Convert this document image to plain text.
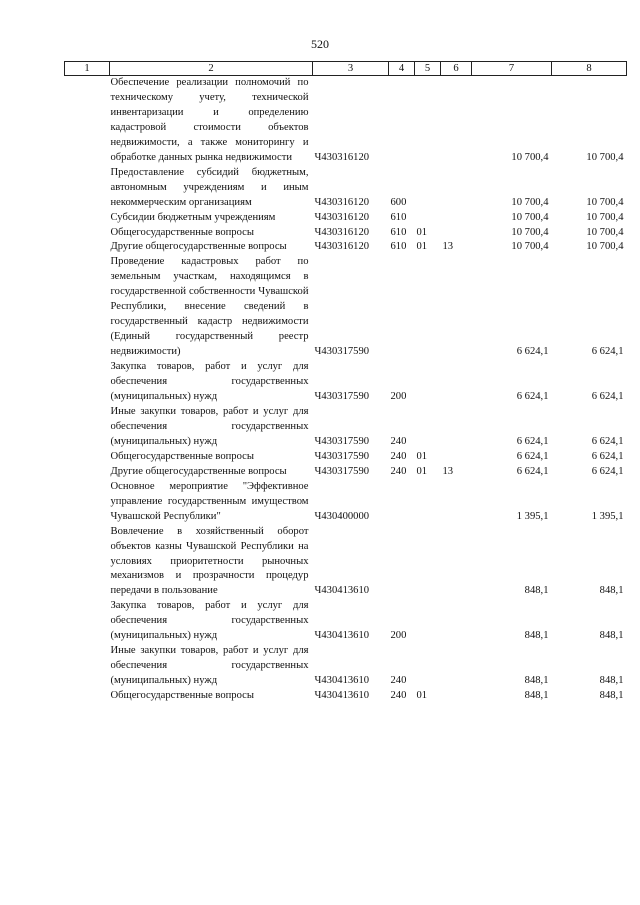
520
1	2	3	4	5	6	7	8
	Обеспечение реализации полномочий по техническому учету, технической инвентаризации и определению кадастровой стоимости объектов недвижимости, а также мониторингу и обработке данных рынка недвижимости	Ч430316120				10 700,4	10 700,4
	Предоставление субсидий бюджетным, автономным учреждениям и иным некоммерческим организациям	Ч430316120	600			10 700,4	10 700,4
	Субсидии бюджетным учреждениям	Ч430316120	610			10 700,4	10 700,4
	Общегосударственные вопросы	Ч430316120	610	01		10 700,4	10 700,4
	Другие общегосударственные вопросы	Ч430316120	610	01	13	10 700,4	10 700,4
	Проведение кадастровых работ по земельным участкам, находящимся в государственной собственности Чувашской Республики, внесение сведений в государственный кадастр недвижимости (Единый государственный реестр недвижимости)	Ч430317590				6 624,1	6 624,1
	Закупка товаров, работ и услуг для обеспечения государственных (муниципальных) нужд	Ч430317590	200			6 624,1	6 624,1
	Иные закупки товаров, работ и услуг для обеспечения государственных (муниципальных) нужд	Ч430317590	240			6 624,1	6 624,1
	Общегосударственные вопросы	Ч430317590	240	01		6 624,1	6 624,1
	Другие общегосударственные вопросы	Ч430317590	240	01	13	6 624,1	6 624,1
	Основное мероприятие "Эффективное управление государственным имуществом Чувашской Республики"	Ч430400000				1 395,1	1 395,1
	Вовлечение в хозяйственный оборот объектов казны Чувашской Республики на условиях приоритетности рыночных механизмов и прозрачности процедур передачи в пользование	Ч430413610				848,1	848,1
	Закупка товаров, работ и услуг для обеспечения государственных (муниципальных) нужд	Ч430413610	200			848,1	848,1
	Иные закупки товаров, работ и услуг для обеспечения государственных (муниципальных) нужд	Ч430413610	240			848,1	848,1
	Общегосударственные вопросы	Ч430413610	240	01		848,1	848,1
